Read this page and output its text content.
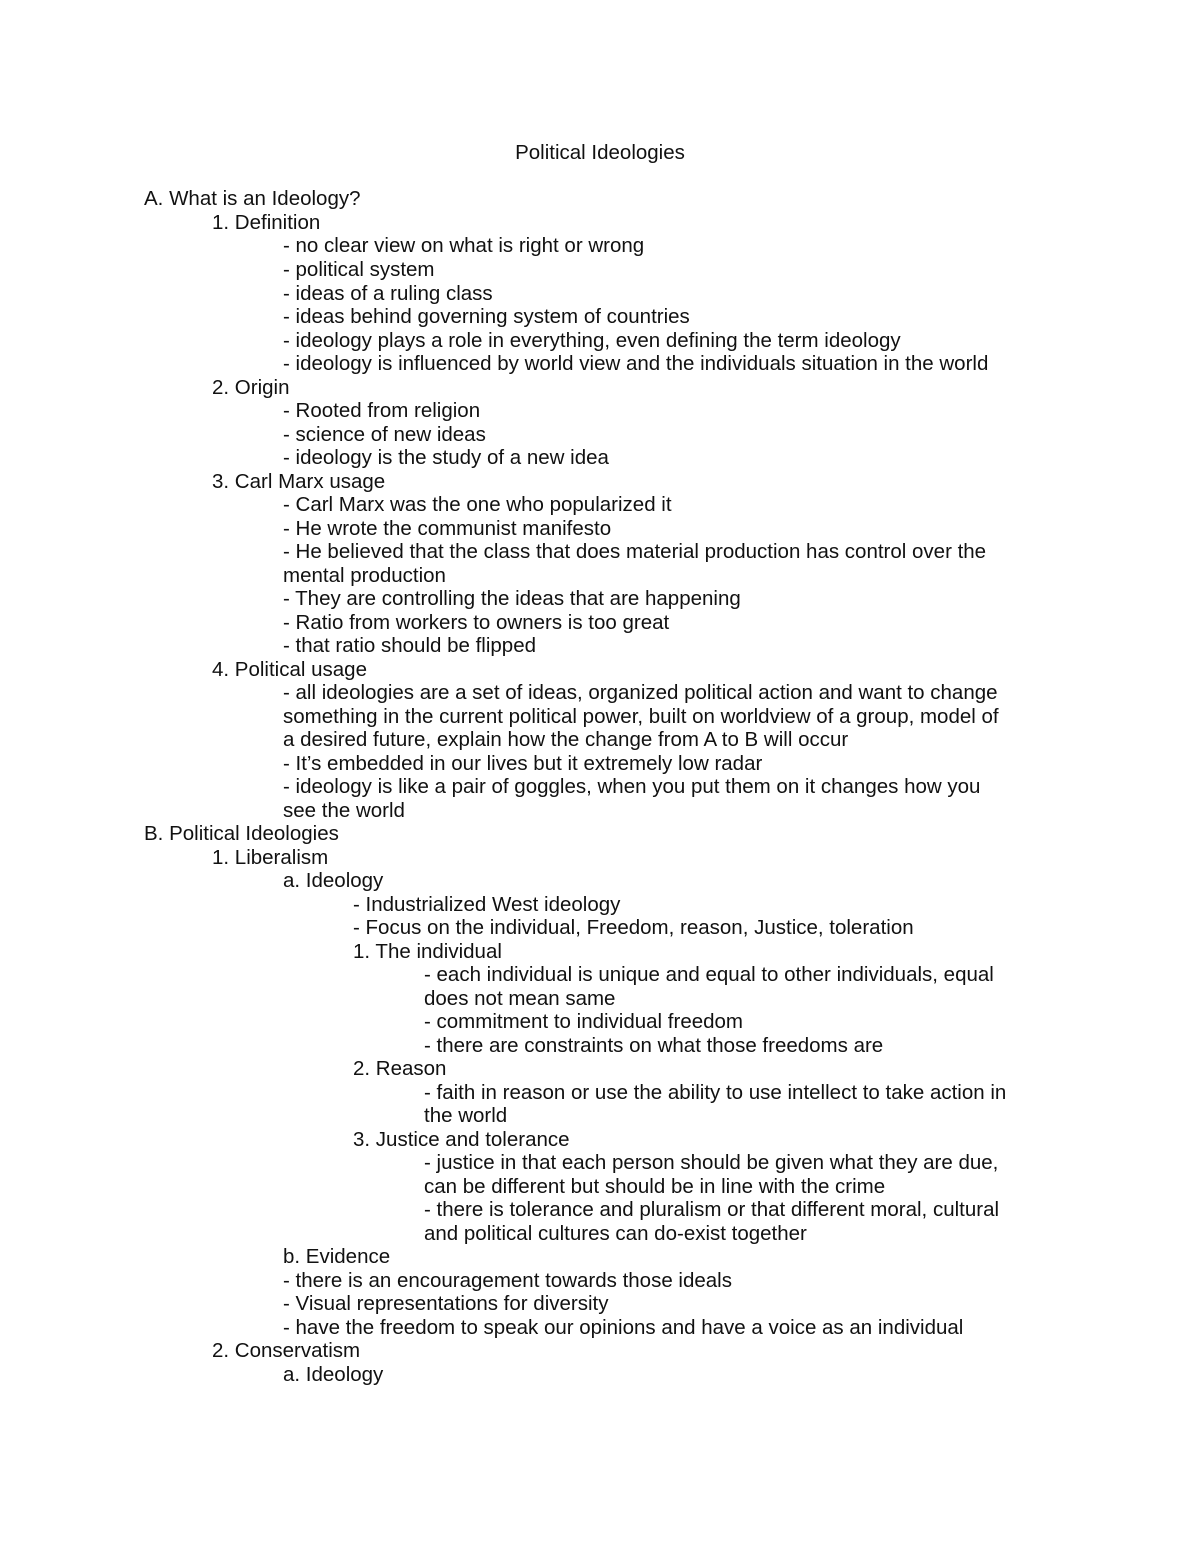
Political Ideologies
A. What is an Ideology?
1. Definition
- no clear view on what is right or wrong
- political system
- ideas of a ruling class
- ideas behind governing system of countries
- ideology plays a role in everything, even defining the term ideology
- ideology is influenced by world view and the individuals situation in the world
2. Origin
- Rooted from religion
- science of new ideas
- ideology is the study of a new idea
3. Carl Marx usage
- Carl Marx was the one who popularized it
- He wrote the communist manifesto
- He believed that the class that does material production has control over the
mental production
- They are controlling the ideas that are happening
- Ratio from workers to owners is too great
- that ratio should be flipped
4. Political usage
- all ideologies are a set of ideas, organized political action and want to change
something in the current political power, built on worldview of a group, model of
a desired future, explain how the change from A to B will occur
- It’s embedded in our lives but it extremely low radar
- ideology is like a pair of goggles, when you put them on it changes how you
see the world
B. Political Ideologies
1. Liberalism
a. Ideology
- Industrialized West ideology
- Focus on the individual, Freedom, reason, Justice, toleration
1. The individual
- each individual is unique and equal to other individuals, equal
does not mean same
- commitment to individual freedom
- there are constraints on what those freedoms are
2. Reason
- faith in reason or use the ability to use intellect to take action in
the world
3. Justice and tolerance
- justice in that each person should be given what they are due,
can be different but should be in line with the crime
- there is tolerance and pluralism or that different moral, cultural
and political cultures can do-exist together
b. Evidence
- there is an encouragement towards those ideals
- Visual representations for diversity
- have the freedom to speak our opinions and have a voice as an individual
2. Conservatism
a. Ideology
